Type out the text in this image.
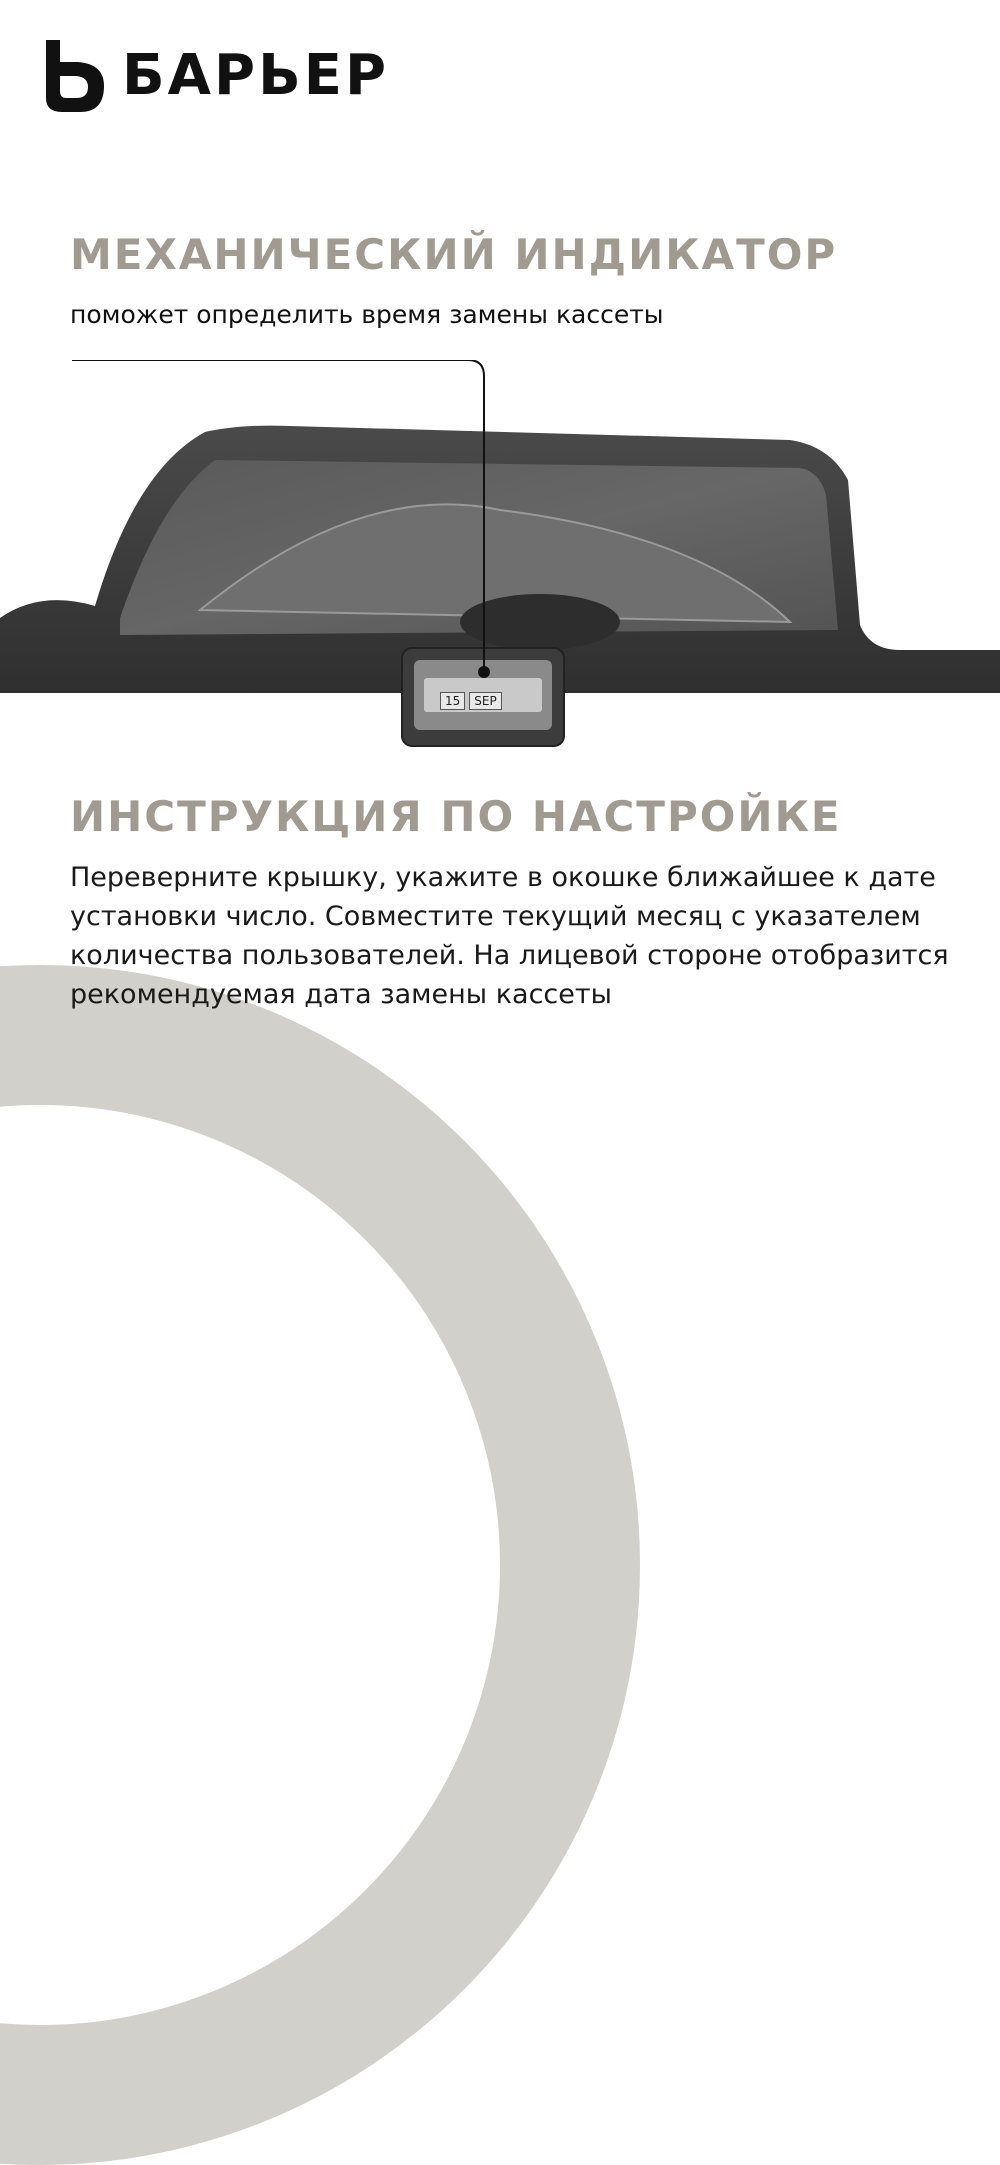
БАРЬЕР
МЕХАНИЧЕСКИЙ ИНДИКАТОР

поможет определить время замены кассеты

15	SEP
ИНСТРУКЦИЯ ПО НАСТРОЙКЕ

Переверните крышку, укажите в окошке ближайшее к дате установки число. Совместите текущий месяц с указателем количества пользователей. На лицевой стороне отобразится рекомендуемая дата замены кассеты
